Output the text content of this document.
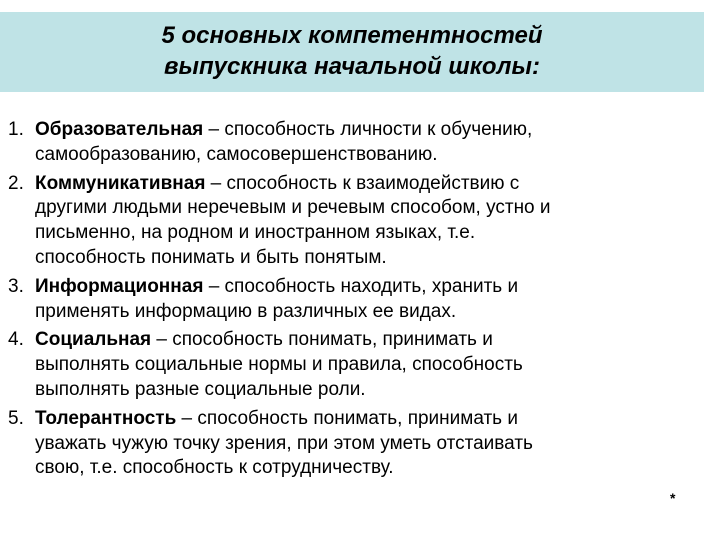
5 основных компетентностей
выпускника начальной школы:
1. Образовательная – способность личности к обучению,
самообразованию, самосовершенствованию.
2. Коммуникативная – способность к взаимодействию с
другими людьми неречевым и речевым способом, устно и
письменно, на родном и иностранном языках, т.е.
способность понимать и быть понятым.
3. Информационная – способность находить, хранить и
применять информацию в различных ее видах.
4. Социальная – способность понимать, принимать и
выполнять социальные нормы и правила, способность
выполнять разные социальные роли.
5. Толерантность – способность понимать, принимать и
уважать чужую точку зрения, при этом уметь отстаивать
свою, т.е. способность к сотрудничеству.
*
